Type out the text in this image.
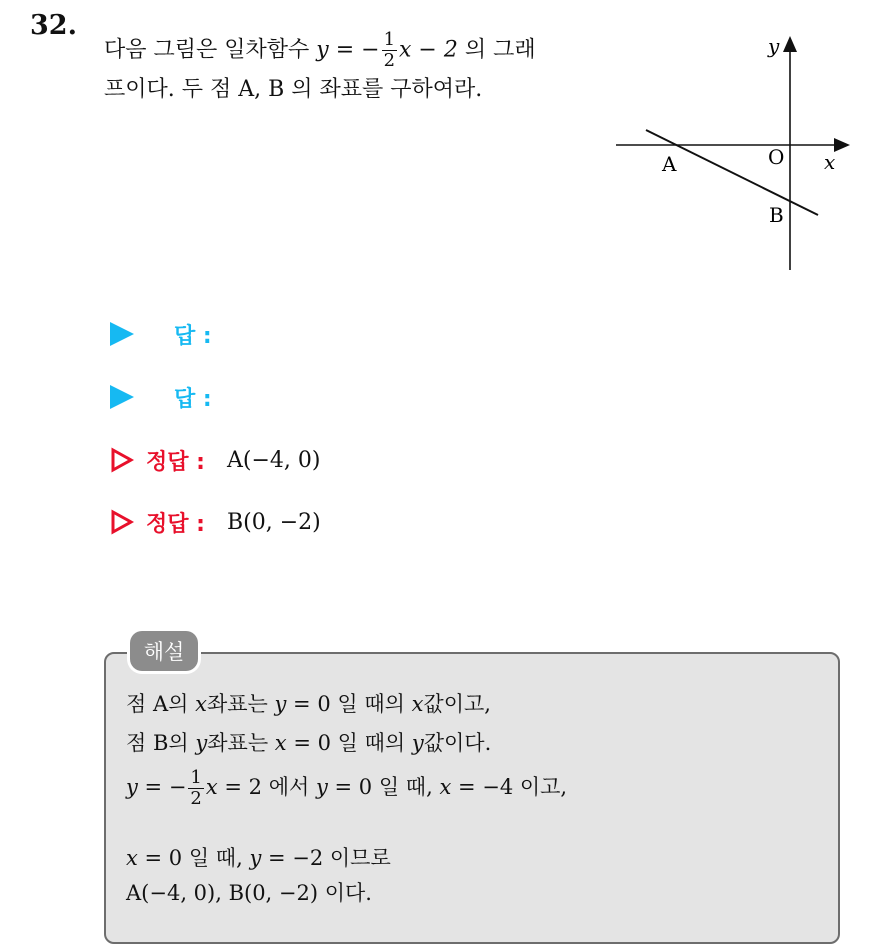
32.
다음 그림은 일차함수 y = − $\frac{1}{2}$ x − 2 의 그래
프이다. 두 점 A, B 의 좌표를 구하여라.
y
x
O
A
B
답 :
답 :
정답 : A(−4, 0)
정답 : B(0, −2)
해설
점 A의 x좌표는 y = 0 일 때의 x값이고,
점 B의 y좌표는 x = 0 일 때의 y값이다.
y = − $\frac{1}{2}$ x = 2 에서 y = 0 일 때, x = −4 이고,
x = 0 일 때, y = −2 이므로
A(−4, 0), B(0, −2) 이다.
